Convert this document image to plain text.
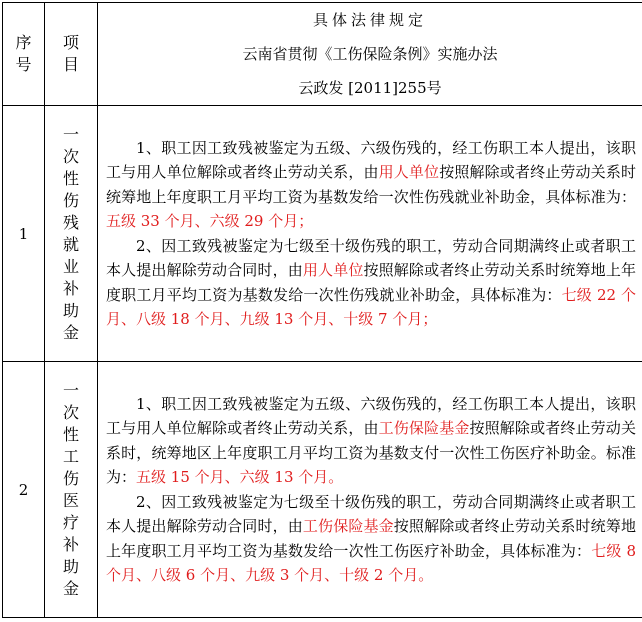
序号	项目	具体法律规定
云南省贯彻《工伤保险条例》实施办法
云政发 [2011]255号

1	一次性伤残就业补助金	1、职工因工致残被鉴定为五级、六级伤残的，经工伤职工本人提出，该职工与用人单位解除或者终止劳动关系，由用人单位按照解除或者终止劳动关系时统筹地上年度职工月平均工资为基数发给一次性伤残就业补助金，具体标准为：五级 33 个月、六级 29 个月；

2、因工致残被鉴定为七级至十级伤残的职工，劳动合同期满终止或者职工本人提出解除劳动合同时，由用人单位按照解除或者终止劳动关系时统筹地上年度职工月平均工资为基数发给一次性伤残就业补助金，具体标准为：七级 22 个月、八级 18 个月、九级 13 个月、十级 7 个月；

2	一次性工伤医疗补助金	1、职工因工致残被鉴定为五级、六级伤残的，经工伤职工本人提出，该职工与用人单位解除或者终止劳动关系，由工伤保险基金按照解除或者终止劳动关系时，统筹地区上年度职工月平均工资为基数支付一次性工伤医疗补助金。标准为：五级 15 个月、六级 13 个月。

2、因工致残被鉴定为七级至十级伤残的职工，劳动合同期满终止或者职工本人提出解除劳动合同时，由工伤保险基金按照解除或者终止劳动关系时统筹地上年度职工月平均工资为基数发给一次性工伤医疗补助金，具体标准为：七级 8 个月、八级 6 个月、九级 3 个月、十级 2 个月。
